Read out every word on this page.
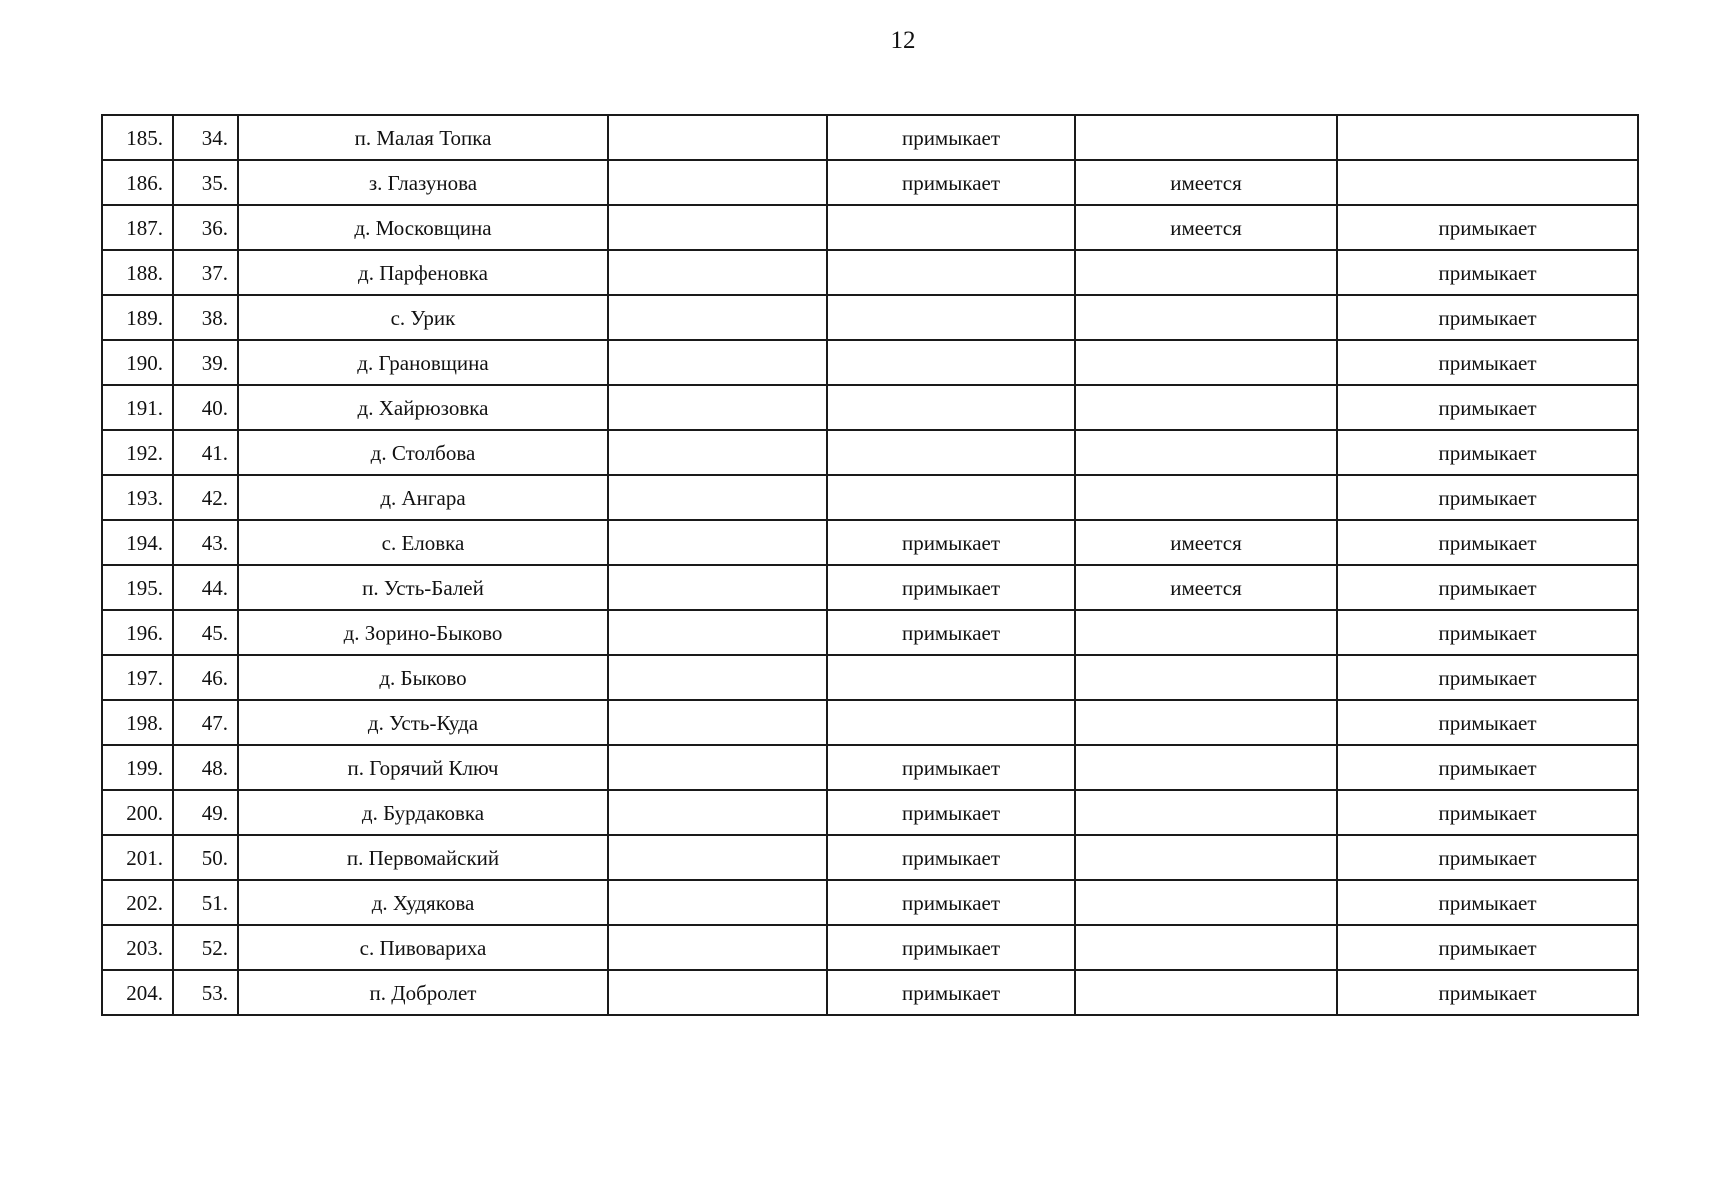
12
185.	34.	п. Малая Топка		примыкает		
186.	35.	з. Глазунова		примыкает	имеется	
187.	36.	д. Московщина			имеется	примыкает
188.	37.	д. Парфеновка				примыкает
189.	38.	с. Урик				примыкает
190.	39.	д. Грановщина				примыкает
191.	40.	д. Хайрюзовка				примыкает
192.	41.	д. Столбова				примыкает
193.	42.	д. Ангара				примыкает
194.	43.	с. Еловка		примыкает	имеется	примыкает
195.	44.	п. Усть-Балей		примыкает	имеется	примыкает
196.	45.	д. Зорино-Быково		примыкает		примыкает
197.	46.	д. Быково				примыкает
198.	47.	д. Усть-Куда				примыкает
199.	48.	п. Горячий Ключ		примыкает		примыкает
200.	49.	д. Бурдаковка		примыкает		примыкает
201.	50.	п. Первомайский		примыкает		примыкает
202.	51.	д. Худякова		примыкает		примыкает
203.	52.	с. Пивовариха		примыкает		примыкает
204.	53.	п. Добролет		примыкает		примыкает
